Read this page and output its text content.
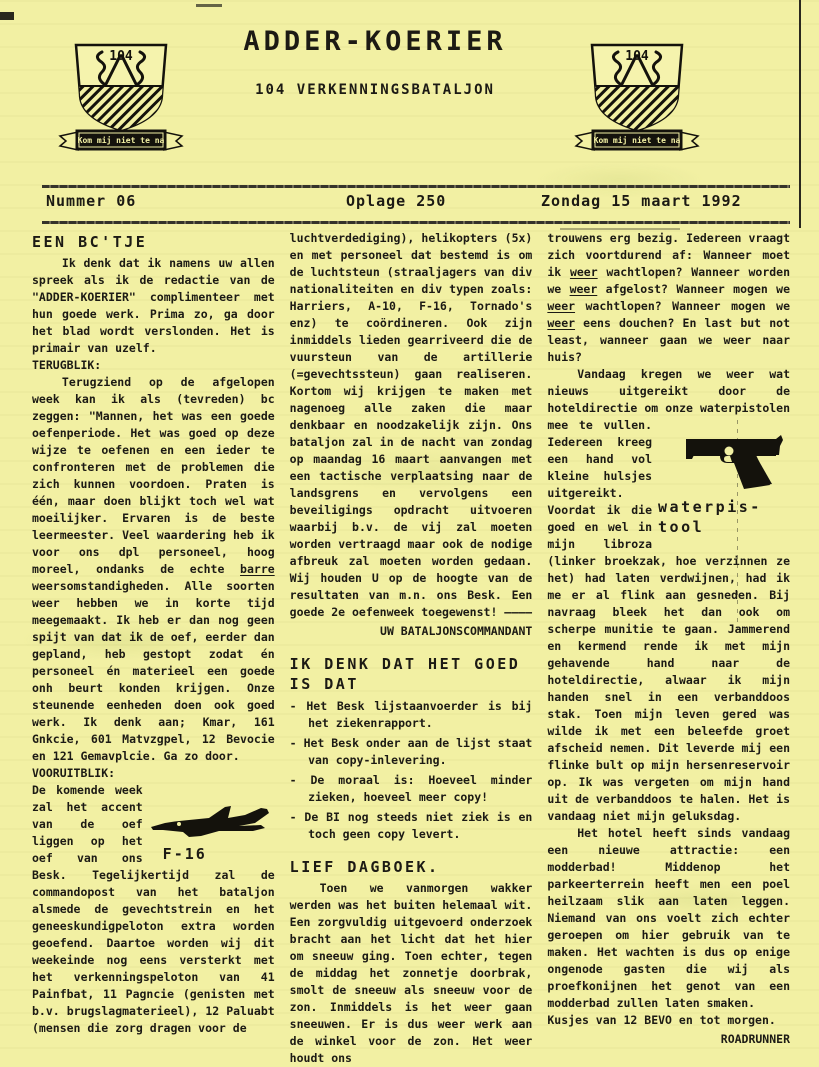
104
Kom mij niet te na
104
Kom mij niet te na
ADDER-KOERIER
104 VERKENNINGSBATALJON
Nummer 06	Oplage 250	Zondag 15 maart 1992
EEN BC'TJE

Ik denk dat ik namens uw allen spreek als ik de redactie van de "ADDER-KOERIER" complimenteer met hun goede werk. Prima zo, ga door het blad wordt verslonden. Het is primair van uzelf.

TERUGBLIK:

Terugziend op de afgelopen week kan ik als (tevreden) bc zeggen: "Mannen, het was een goede oefenperiode. Het was goed op deze wijze te oefenen en een ieder te confronteren met de problemen die zich kunnen voordoen. Praten is één, maar doen blijkt toch wel wat moeilijker. Ervaren is de beste leermeester. Veel waardering heb ik voor ons dpl personeel, hoog moreel, ondanks de echte barre weersomstandigheden. Alle soorten weer hebben we in korte tijd meegemaakt. Ik heb er dan nog geen spijt van dat ik de oef, eerder dan gepland, heb gestopt zodat én personeel én materieel een goede onh beurt konden krijgen. Onze steunende eenheden doen ook goed werk. Ik denk aan; Kmar, 161 Gnkcie, 601 Matvzgpel, 12 Bevocie en 121 Gemavplcie. Ga zo door.

VOORUITBLIK:

F-16
De komende week zal het accent van de oef liggen op het oef van ons Besk. Tegelijkertijd zal de commandopost van het bataljon alsmede de gevechtstrein en het geneeskundigpeloton extra worden geoefend. Daartoe worden wij dit weekeinde nog eens versterkt met het verkenningspeloton van 41 Painfbat, 11 Pagncie (genisten met b.v. brugslagmaterieel), 12 Paluabt (mensen die zorg dragen voor de

luchtverdediging), helikopters (5x) en met personeel dat bestemd is om de luchtsteun (straaljagers van div nationaliteiten en div typen zoals: Harriers, A-10, F-16, Tornado's enz) te coördineren. Ook zijn inmiddels lieden gearriveerd die de vuursteun van de artillerie (=gevechtssteun) gaan realiseren. Kortom wij krijgen te maken met nagenoeg alle zaken die maar denkbaar en noodzakelijk zijn. Ons bataljon zal in de nacht van zondag op maandag 16 maart aanvangen met een tactische verplaatsing naar de landsgrens en vervolgens een beveiligings opdracht uitvoeren waarbij b.v. de vij zal moeten worden vertraagd maar ook de nodige afbreuk zal moeten worden gedaan. Wij houden U op de hoogte van de resultaten van m.n. ons Besk. Een goede 2e oefenweek toegewenst! ————

UW BATALJONSCOMMANDANT
IK DENK DAT HET GOED IS DAT
- Het Besk lijstaanvoerder is bij het ziekenrapport.
- Het Besk onder aan de lijst staat van copy-inlevering.
- De moraal is: Hoeveel minder zieken, hoeveel meer copy!
- De BI nog steeds niet ziek is en toch geen copy levert.
LIEF DAGBOEK.

Toen we vanmorgen wakker werden was het buiten helemaal wit. Een zorgvuldig uitgevoerd onderzoek bracht aan het licht dat het hier om sneeuw ging. Toen echter, tegen de middag het zonnetje doorbrak, smolt de sneeuw als sneeuw voor de zon. Inmiddels is het weer gaan sneeuwen. Er is dus weer werk aan de winkel voor de zon. Het weer houdt ons

trouwens erg bezig. Iedereen vraagt zich voortdurend af: Wanneer moet ik weer wachtlopen? Wanneer worden we weer afgelost? Wanneer mogen we weer wachtlopen? Wanneer mogen we weer eens douchen? En last but not least, wanneer gaan we weer naar huis?

Vandaag kregen we weer wat nieuws uitgereikt door de hoteldirectie om onze waterpistolen mee
waterpis-
tool
te vullen. Iedereen kreeg een hand vol kleine hulsjes uitgereikt. Voordat ik die goed en wel in mijn libroza (linker broekzak, hoe verzinnen ze het) had laten verdwijnen, had ik me er al flink aan gesneden. Bij navraag bleek het dan ook om scherpe munitie te gaan. Jammerend en kermend rende ik met mijn gehavende hand naar de hoteldirectie, alwaar ik mijn handen snel in een verbanddoos stak. Toen mijn leven gered was wilde ik met een beleefde groet afscheid nemen. Dit leverde mij een flinke bult op mijn hersenreservoir op. Ik was vergeten om mijn hand uit de verbanddoos te halen. Het is vandaag niet mijn geluksdag.

Het hotel heeft sinds vandaag een nieuwe attractie: een modderbad! Middenop het parkeerterrein heeft men een poel heilzaam slik aan laten leggen. Niemand van ons voelt zich echter geroepen om hier gebruik van te maken. Het wachten is dus op enige ongenode gasten die wij als proefkonijnen het genot van een modderbad zullen laten smaken.

Kusjes van 12 BEVO en tot morgen.

ROADRUNNER
